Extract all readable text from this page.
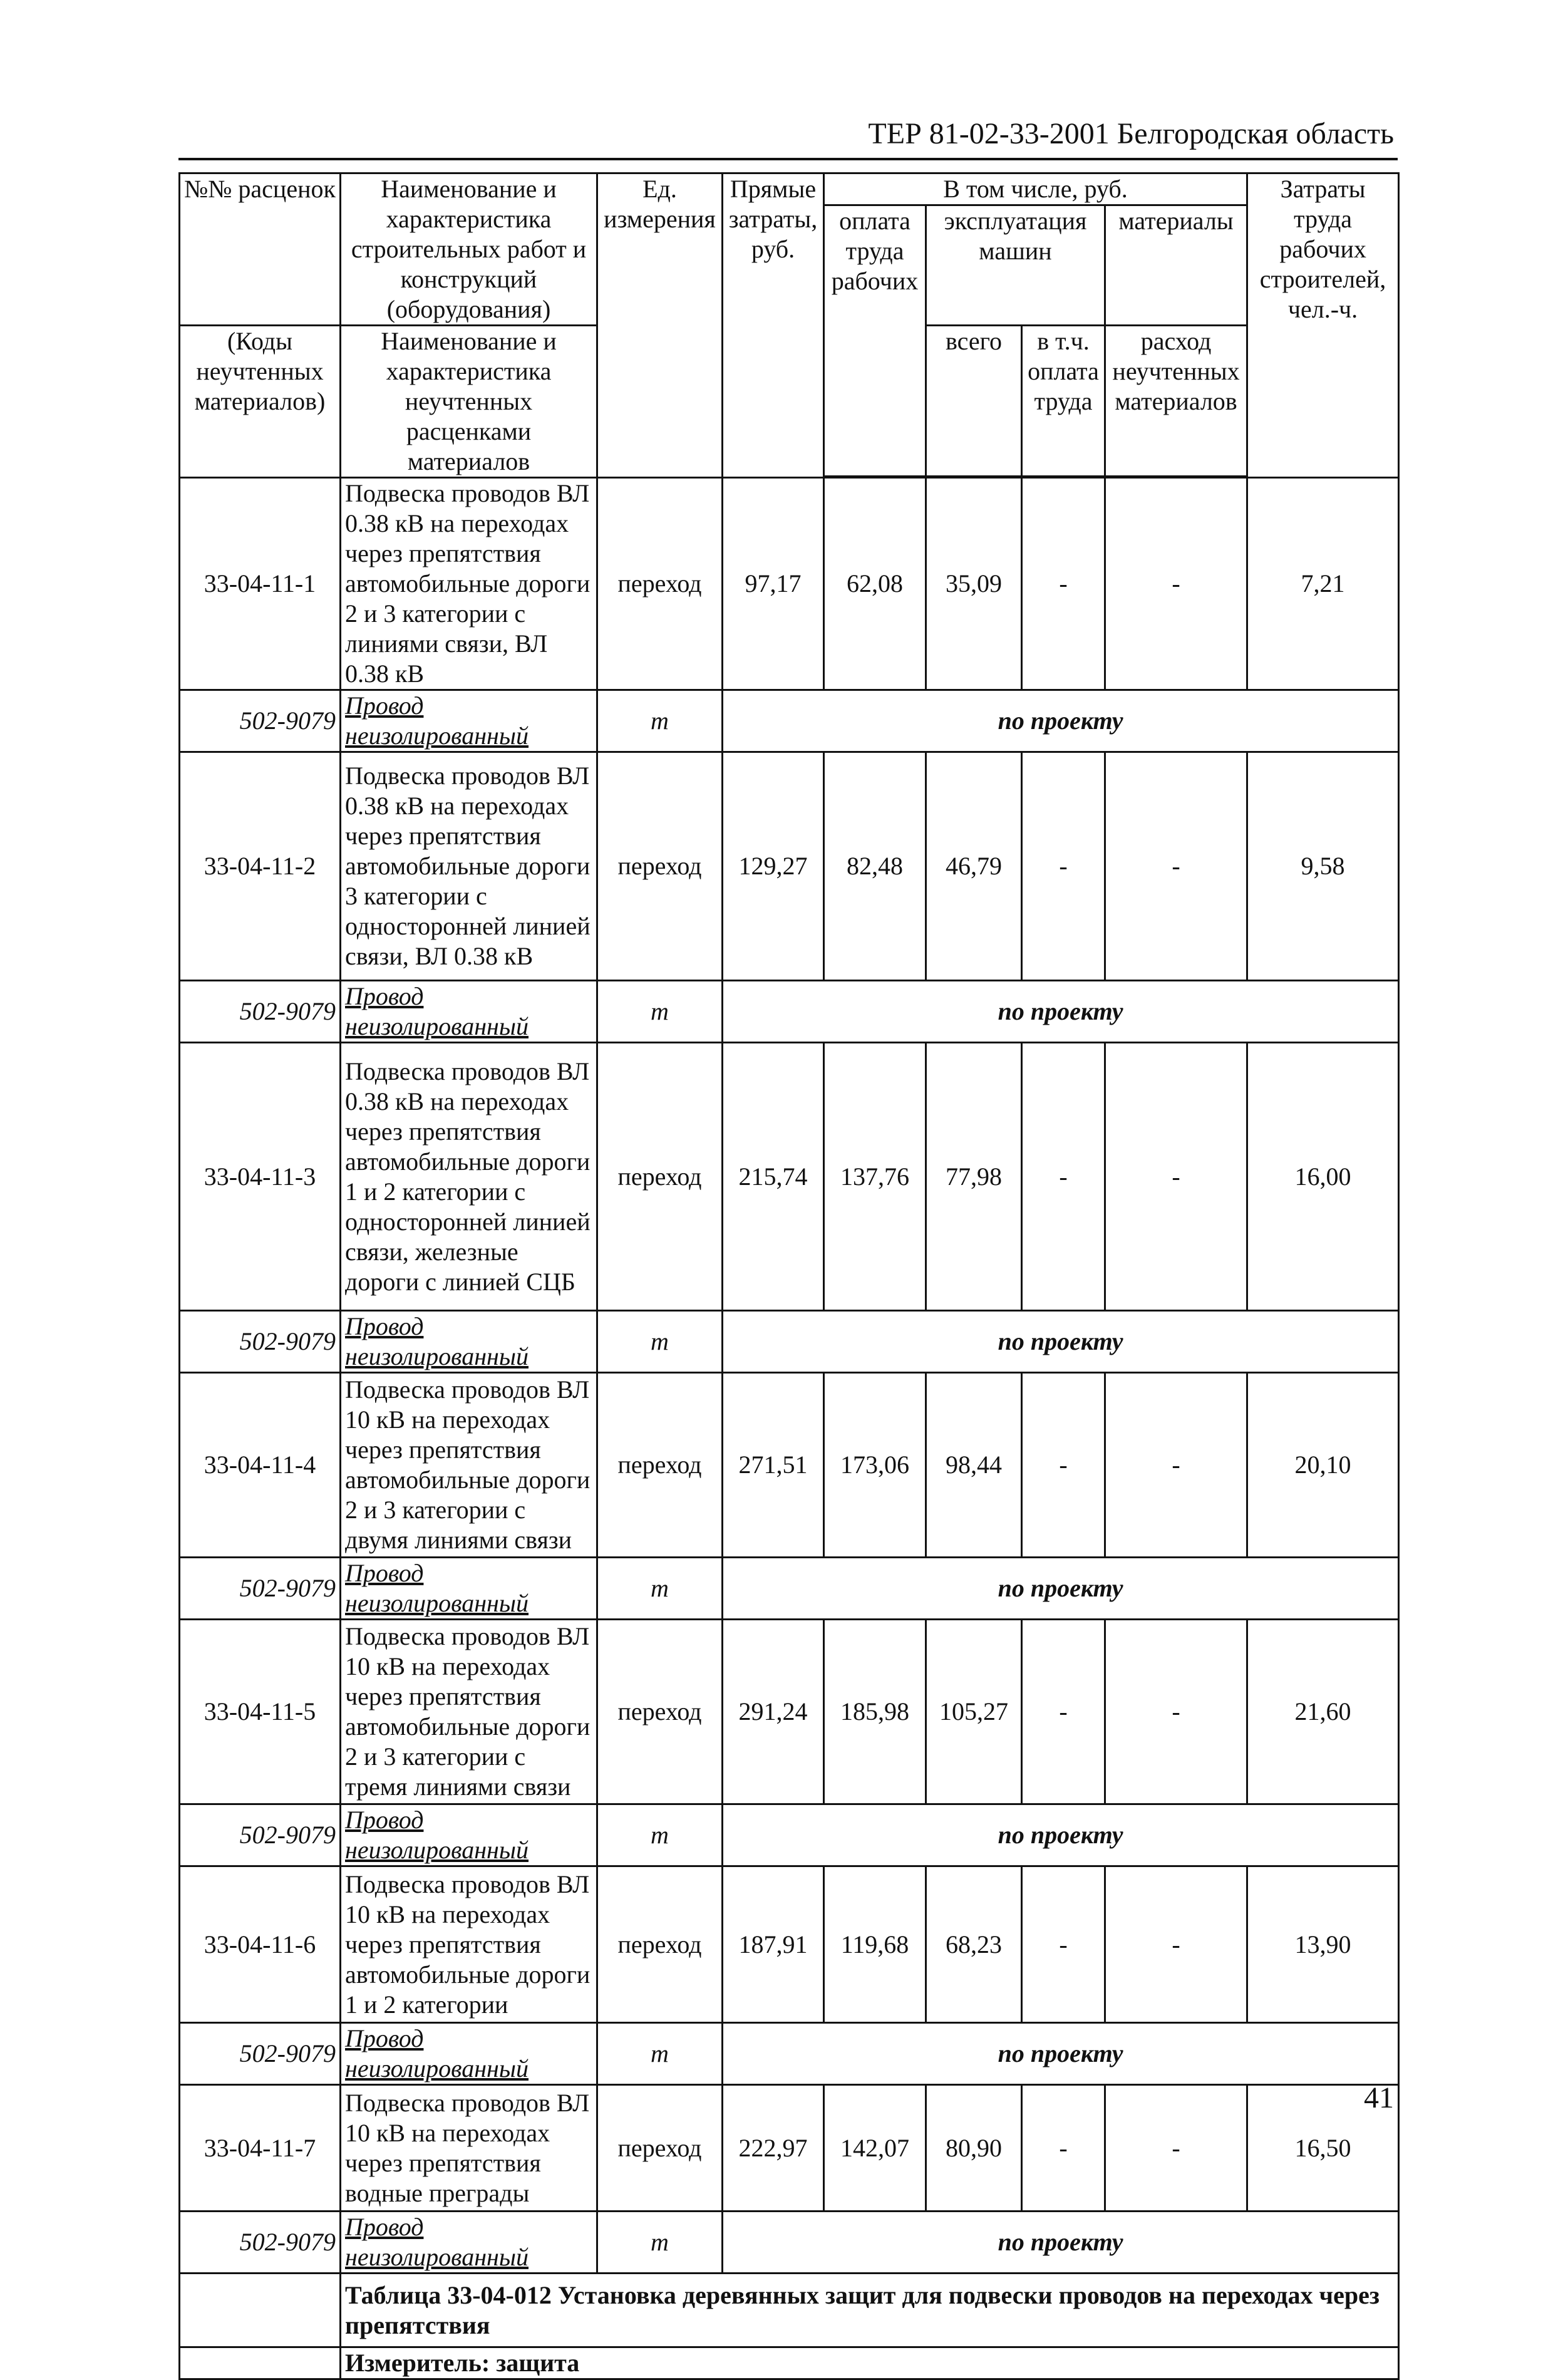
ТЕР 81-02-33-2001 Белгородская область
№№ расценок	Наименование и характеристика строительных работ и конструкций (оборудования)	Ед. измерения	Прямые затраты, руб.	В том числе, руб.				Затраты труда рабочих строителей, чел.-ч.
				оплата труда рабочих	эксплуатация машин		материалы	
(Коды неучтенных материалов)	Наименование и характеристика неучтенных расценками материалов				всего	в т.ч. оплата труда	расход неучтенных материалов	

33-04-11-1	Подвеска проводов ВЛ 0.38 кВ на переходах через препятствия автомобильные дороги 2 и 3 категории с линиями связи, ВЛ 0.38 кВ	переход	97,17	62,08	35,09	-	-	7,21
502-9079	Провод неизолированный	т	по проекту					
33-04-11-2	Подвеска проводов ВЛ 0.38 кВ на переходах через препятствия автомобильные дороги 3 категории с односторонней линией связи, ВЛ 0.38 кВ	переход	129,27	82,48	46,79	-	-	9,58
502-9079	Провод неизолированный	т	по проекту					
33-04-11-3	Подвеска проводов ВЛ 0.38 кВ на переходах через препятствия автомобильные дороги 1 и 2 категории с односторонней линией связи, железные дороги с линией СЦБ	переход	215,74	137,76	77,98	-	-	16,00
502-9079	Провод неизолированный	т	по проекту					
33-04-11-4	Подвеска проводов ВЛ 10 кВ на переходах через препятствия автомобильные дороги 2 и 3 категории с двумя линиями связи	переход	271,51	173,06	98,44	-	-	20,10
502-9079	Провод неизолированный	т	по проекту					
33-04-11-5	Подвеска проводов ВЛ 10 кВ на переходах через препятствия автомобильные дороги 2 и 3 категории с тремя линиями связи	переход	291,24	185,98	105,27	-	-	21,60
502-9079	Провод неизолированный	т	по проекту					
33-04-11-6	Подвеска проводов ВЛ 10 кВ на переходах через препятствия автомобильные дороги 1 и 2 категории	переход	187,91	119,68	68,23	-	-	13,90
502-9079	Провод неизолированный	т	по проекту					
33-04-11-7	Подвеска проводов ВЛ 10 кВ на переходах через препятствия водные преграды	переход	222,97	142,07	80,90	-	-	16,50
502-9079	Провод неизолированный	т	по проекту					
	Таблица 33-04-012 Установка деревянных защит для подвески проводов на переходах через препятствия							
	Измеритель: защита							
41
